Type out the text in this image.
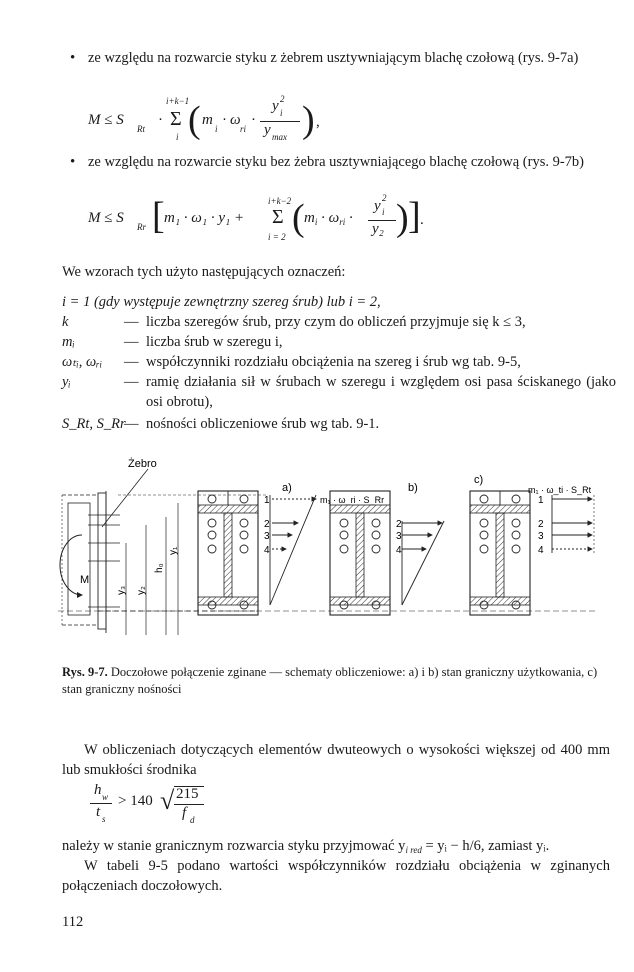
• ze względu na rozwarcie styku z żebrem usztywniającym blachę czołową (rys. 9-7a)
M ≤ S
Rt
·
i+k−1
Σ
i ( m
i
· ω
ri
·
y 2
i
y max ) ,
• ze względu na rozwarcie styku bez żebra usztywniającego blachę czołową (rys. 9-7b)
M ≤ S
Rr [ m₁ · ω₁ · y₁ +
i+k−2
Σ
i = 2 ( $m_i \cdot \omega_{ri}$ ·
y 2
i
y₂ ) ] .
We wzorach tych użyto następujących oznaczeń:
i = 1 (gdy występuje zewnętrzny szereg śrub) lub i = 2,
k	— liczba szeregów śrub, przy czym do obliczeń przyjmuje się k ≤ 3,
mᵢ	— liczba śrub w szeregu i,
ωₜᵢ, ωᵣᵢ — współczynniki rozdziału obciążenia na szereg i śrub wg tab. 9-5,
yᵢ	— ramię działania sił w śrubach w szeregu i względem osi pasa ściskanego (jako osi obrotu),
S_Rt, S_Rr
— nośności obliczeniowe śrub wg tab. 9-1.
Żebro
M
y₃ y₂
h₀
y₁
1
2
3
4
a)
m₁ · ω_ri · S_Rr
2
3
4
b)
1
2
3
4
c)
m₁ · ω_ti · S_Rt
Rys. 9-7. Doczołowe połączenie zginane — schematy obliczeniowe: a) i b) stan graniczny użytkowania, c) stan graniczny nośności
W obliczeniach dotyczących elementów dwuteowych o wysokości większej od 400 mm lub smukłości środnika
h w
t s
> 140 √ 215
f d
należy w stanie granicznym rozwarcia styku przyjmować $y_{i red}$ = yᵢ − h/6, zamiast yᵢ.
W tabeli 9-5 podano wartości współczynników rozdziału obciążenia w zginanych połączeniach doczołowych.
112
